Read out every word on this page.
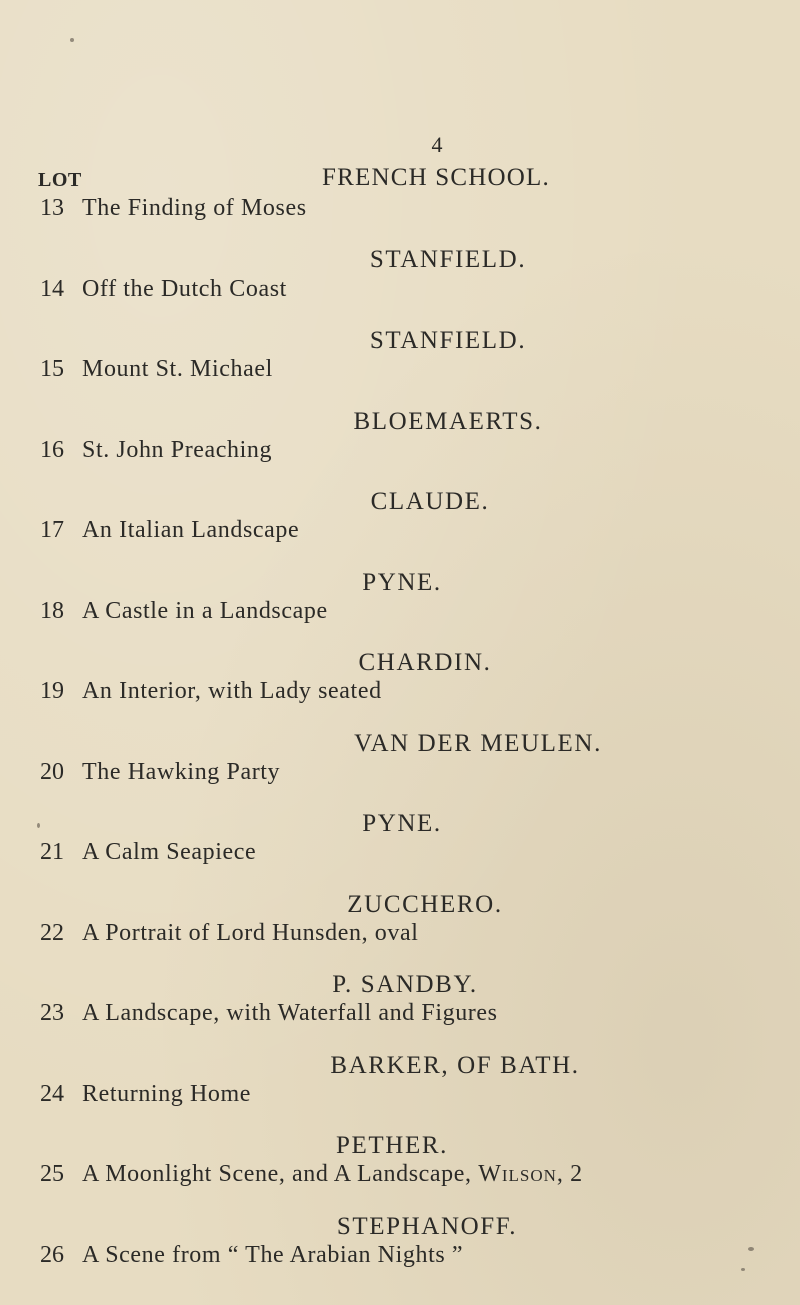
4
LOT	FRENCH SCHOOL.
13 The Finding of Moses
STANFIELD.
14 Off the Dutch Coast
STANFIELD.
15 Mount St. Michael
BLOEMAERTS.
16 St. John Preaching
CLAUDE.
17 An Italian Landscape
PYNE.
18 A Castle in a Landscape
CHARDIN.
19 An Interior, with Lady seated
VAN DER MEULEN.
20 The Hawking Party
PYNE.
21 A Calm Seapiece
ZUCCHERO.
22 A Portrait of Lord Hunsden, oval
P. SANDBY.
23 A Landscape, with Waterfall and Figures
BARKER, OF BATH.
24 Returning Home
PETHER.
25 A Moonlight Scene, and A Landscape, Wilson, 2
STEPHANOFF.
26 A Scene from “ The Arabian Nights ”
